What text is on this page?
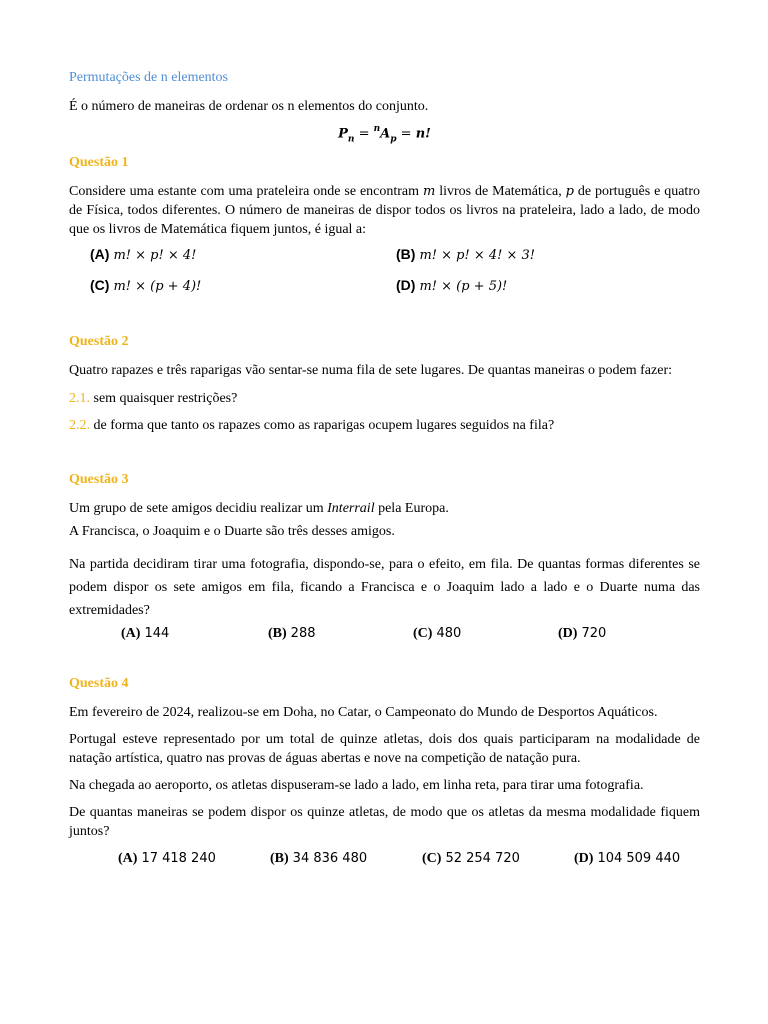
Permutações de n elementos
É o número de maneiras de ordenar os n elementos do conjunto.
$P_n = ^nA_p = n$!
Questão 1
Considere uma estante com uma prateleira onde se encontram m livros de Matemática, p de português e quatro de Física, todos diferentes. O número de maneiras de dispor todos os livros na prateleira, lado a lado, de modo que os livros de Matemática fiquem juntos, é igual a:
(A) m! × p! × 4!	(B) m! × p! × 4! × 3!
(C) m! × (p + 4)!	(D) m! × (p + 5)!
Questão 2
Quatro rapazes e três raparigas vão sentar-se numa fila de sete lugares. De quantas maneiras o podem fazer:
2.1. sem quaisquer restrições?
2.2. de forma que tanto os rapazes como as raparigas ocupem lugares seguidos na fila?
Questão 3
Um grupo de sete amigos decidiu realizar um Interrail pela Europa.
A Francisca, o Joaquim e o Duarte são três desses amigos.
Na partida decidiram tirar uma fotografia, dispondo-se, para o efeito, em fila. De quantas formas diferentes se podem dispor os sete amigos em fila, ficando a Francisca e o Joaquim lado a lado e o Duarte numa das extremidades?
(A) 144	(B) 288	(C) 480	(D) 720
Questão 4
Em fevereiro de 2024, realizou-se em Doha, no Catar, o Campeonato do Mundo de Desportos Aquáticos.
Portugal esteve representado por um total de quinze atletas, dois dos quais participaram na modalidade de natação artística, quatro nas provas de águas abertas e nove na competição de natação pura.
Na chegada ao aeroporto, os atletas dispuseram-se lado a lado, em linha reta, para tirar uma fotografia.
De quantas maneiras se podem dispor os quinze atletas, de modo que os atletas da mesma modalidade fiquem juntos?
(A) 17 418 240	(B) 34 836 480	(C) 52 254 720	(D) 104 509 440
